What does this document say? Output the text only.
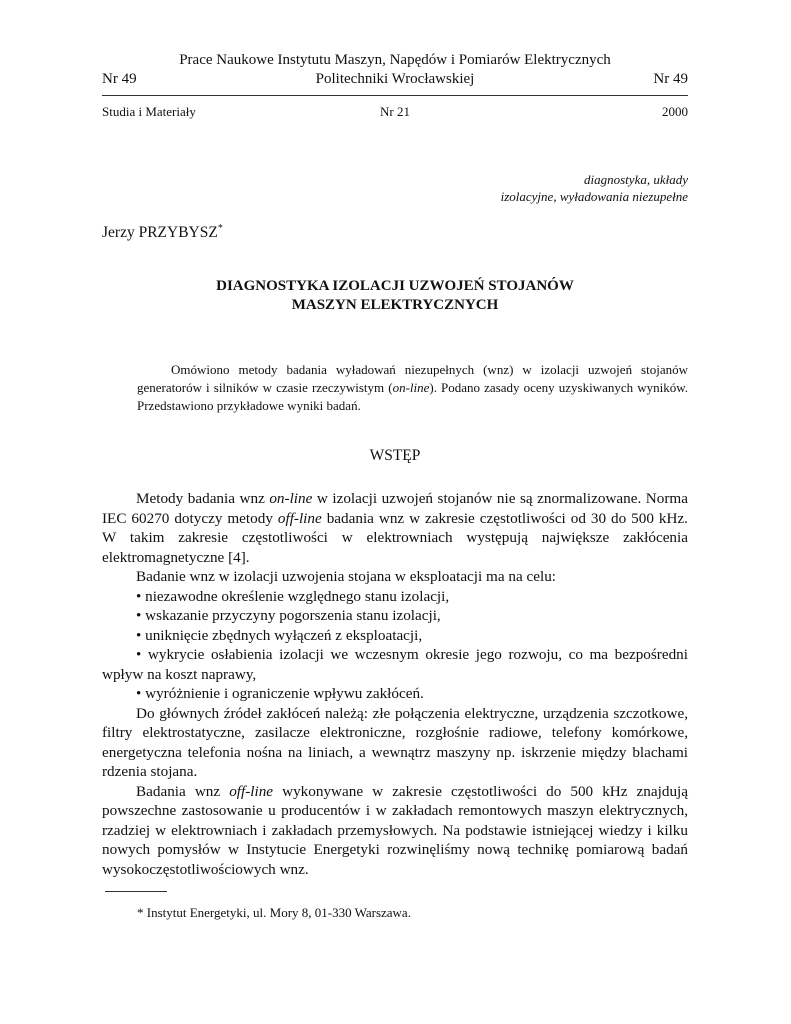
Prace Naukowe Instytutu Maszyn, Napędów i Pomiarów Elektrycznych
Nr 49	Politechniki Wrocławskiej	Nr 49
Studia i Materiały	Nr 21	2000
diagnostyka, układy
izolacyjne, wyładowania niezupełne
Jerzy PRZYBYSZ*
DIAGNOSTYKA IZOLACJI UZWOJEŃ STOJANÓW
MASZYN ELEKTRYCZNYCH
Omówiono metody badania wyładowań niezupełnych (wnz) w izolacji uzwojeń stojanów generatorów i silników w czasie rzeczywistym (on-line). Podano zasady oceny uzyskiwanych wyników. Przedstawiono przykładowe wyniki badań.
WSTĘP

Metody badania wnz on-line w izolacji uzwojeń stojanów nie są znormalizowane. Norma IEC 60270 dotyczy metody off-line badania wnz w zakresie częstotliwości od 30 do 500 kHz. W takim zakresie częstotliwości w elektrowniach występują największe zakłócenia elektromagnetyczne [4].

Badanie wnz w izolacji uzwojenia stojana w eksploatacji ma na celu:

• niezawodne określenie względnego stanu izolacji,

• wskazanie przyczyny pogorszenia stanu izolacji,

• uniknięcie zbędnych wyłączeń z eksploatacji,

• wykrycie osłabienia izolacji we wczesnym okresie jego rozwoju, co ma bezpośredni wpływ na koszt naprawy,

• wyróżnienie i ograniczenie wpływu zakłóceń.

Do głównych źródeł zakłóceń należą: złe połączenia elektryczne, urządzenia szczotkowe, filtry elektrostatyczne, zasilacze elektroniczne, rozgłośnie radiowe, telefony komórkowe, energetyczna telefonia nośna na liniach, a wewnątrz maszyny np. iskrzenie między blachami rdzenia stojana.

Badania wnz off-line wykonywane w zakresie częstotliwości do 500 kHz znajdują powszechne zastosowanie u producentów i w zakładach remontowych maszyn elektrycznych, rzadziej w elektrowniach i zakładach przemysłowych. Na podstawie istniejącej wiedzy i kilku nowych pomysłów w Instytucie Energetyki rozwinęliśmy nową technikę pomiarową badań wysokoczęstotliwościowych wnz.

* Instytut Energetyki, ul. Mory 8, 01-330 Warszawa.
